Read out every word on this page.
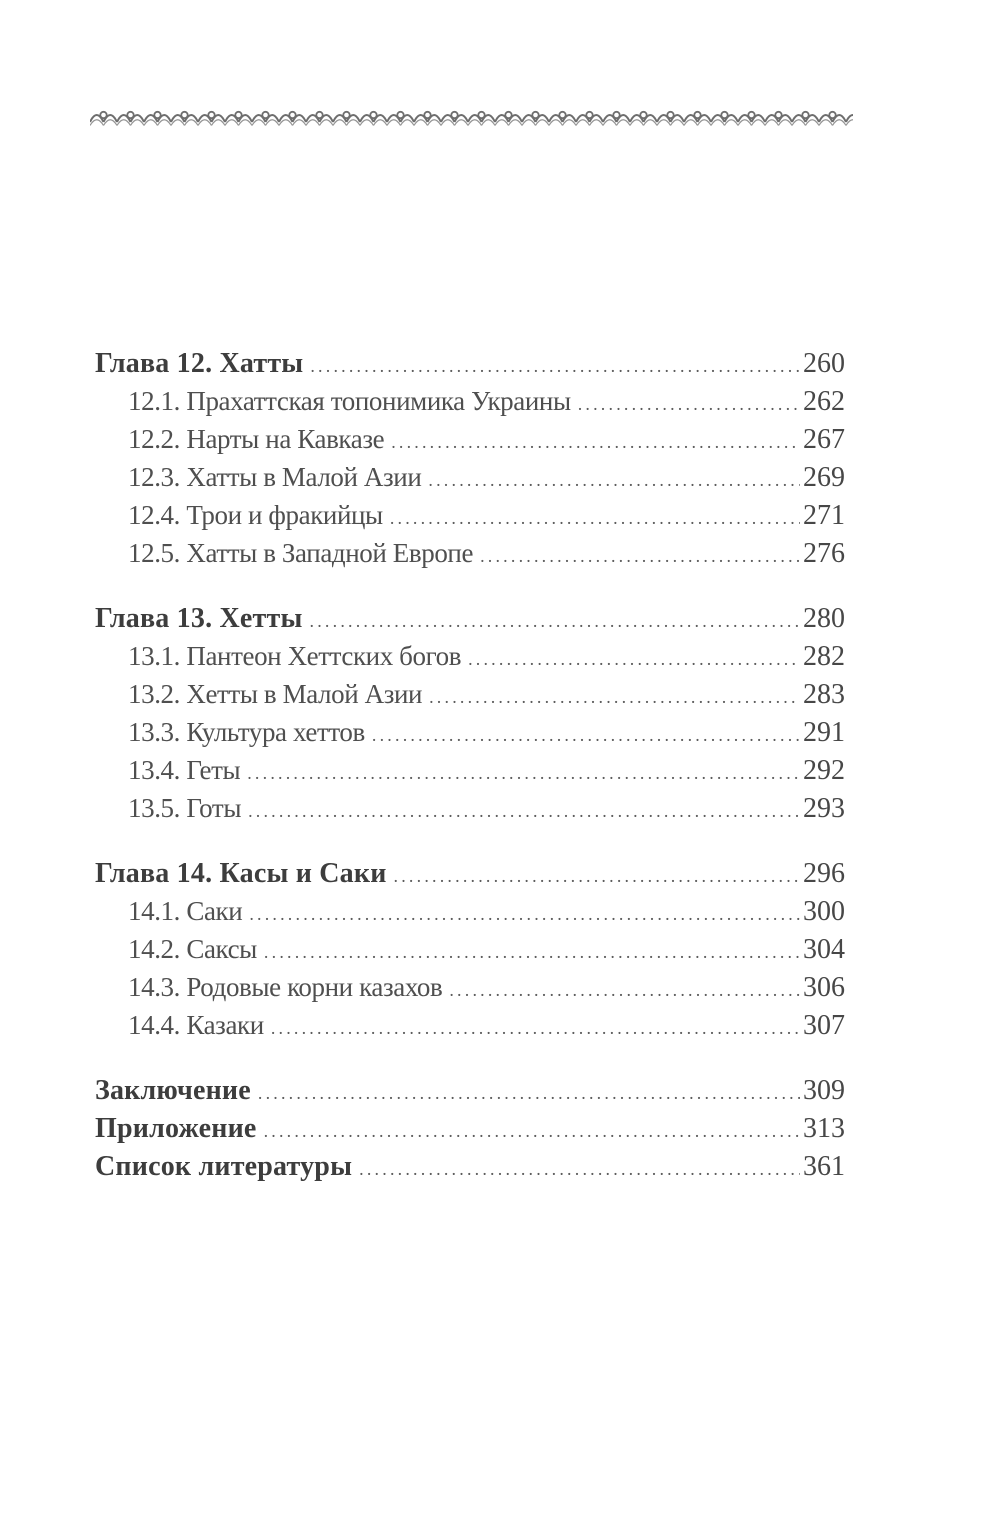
Глава 12. Хатты .....	260
12.1. Прахаттская топонимика Украины .....	262
12.2. Нарты на Кавказе .....	267
12.3. Хатты в Малой Азии .....	269
12.4. Трои и фракийцы .....	271
12.5. Хатты в Западной Европе .....	276
Глава 13. Хетты .....	280
13.1. Пантеон Хеттских богов .....	282
13.2. Хетты в Малой Азии .....	283
13.3. Культура хеттов .....	291
13.4. Геты .....	292
13.5. Готы .....	293
Глава 14. Касы и Саки .....	296
14.1. Саки .....	300
14.2. Саксы .....	304
14.3. Родовые корни казахов .....	306
14.4. Казаки .....	307
Заключение .....	309
Приложение .....	313
Список литературы .....	361
